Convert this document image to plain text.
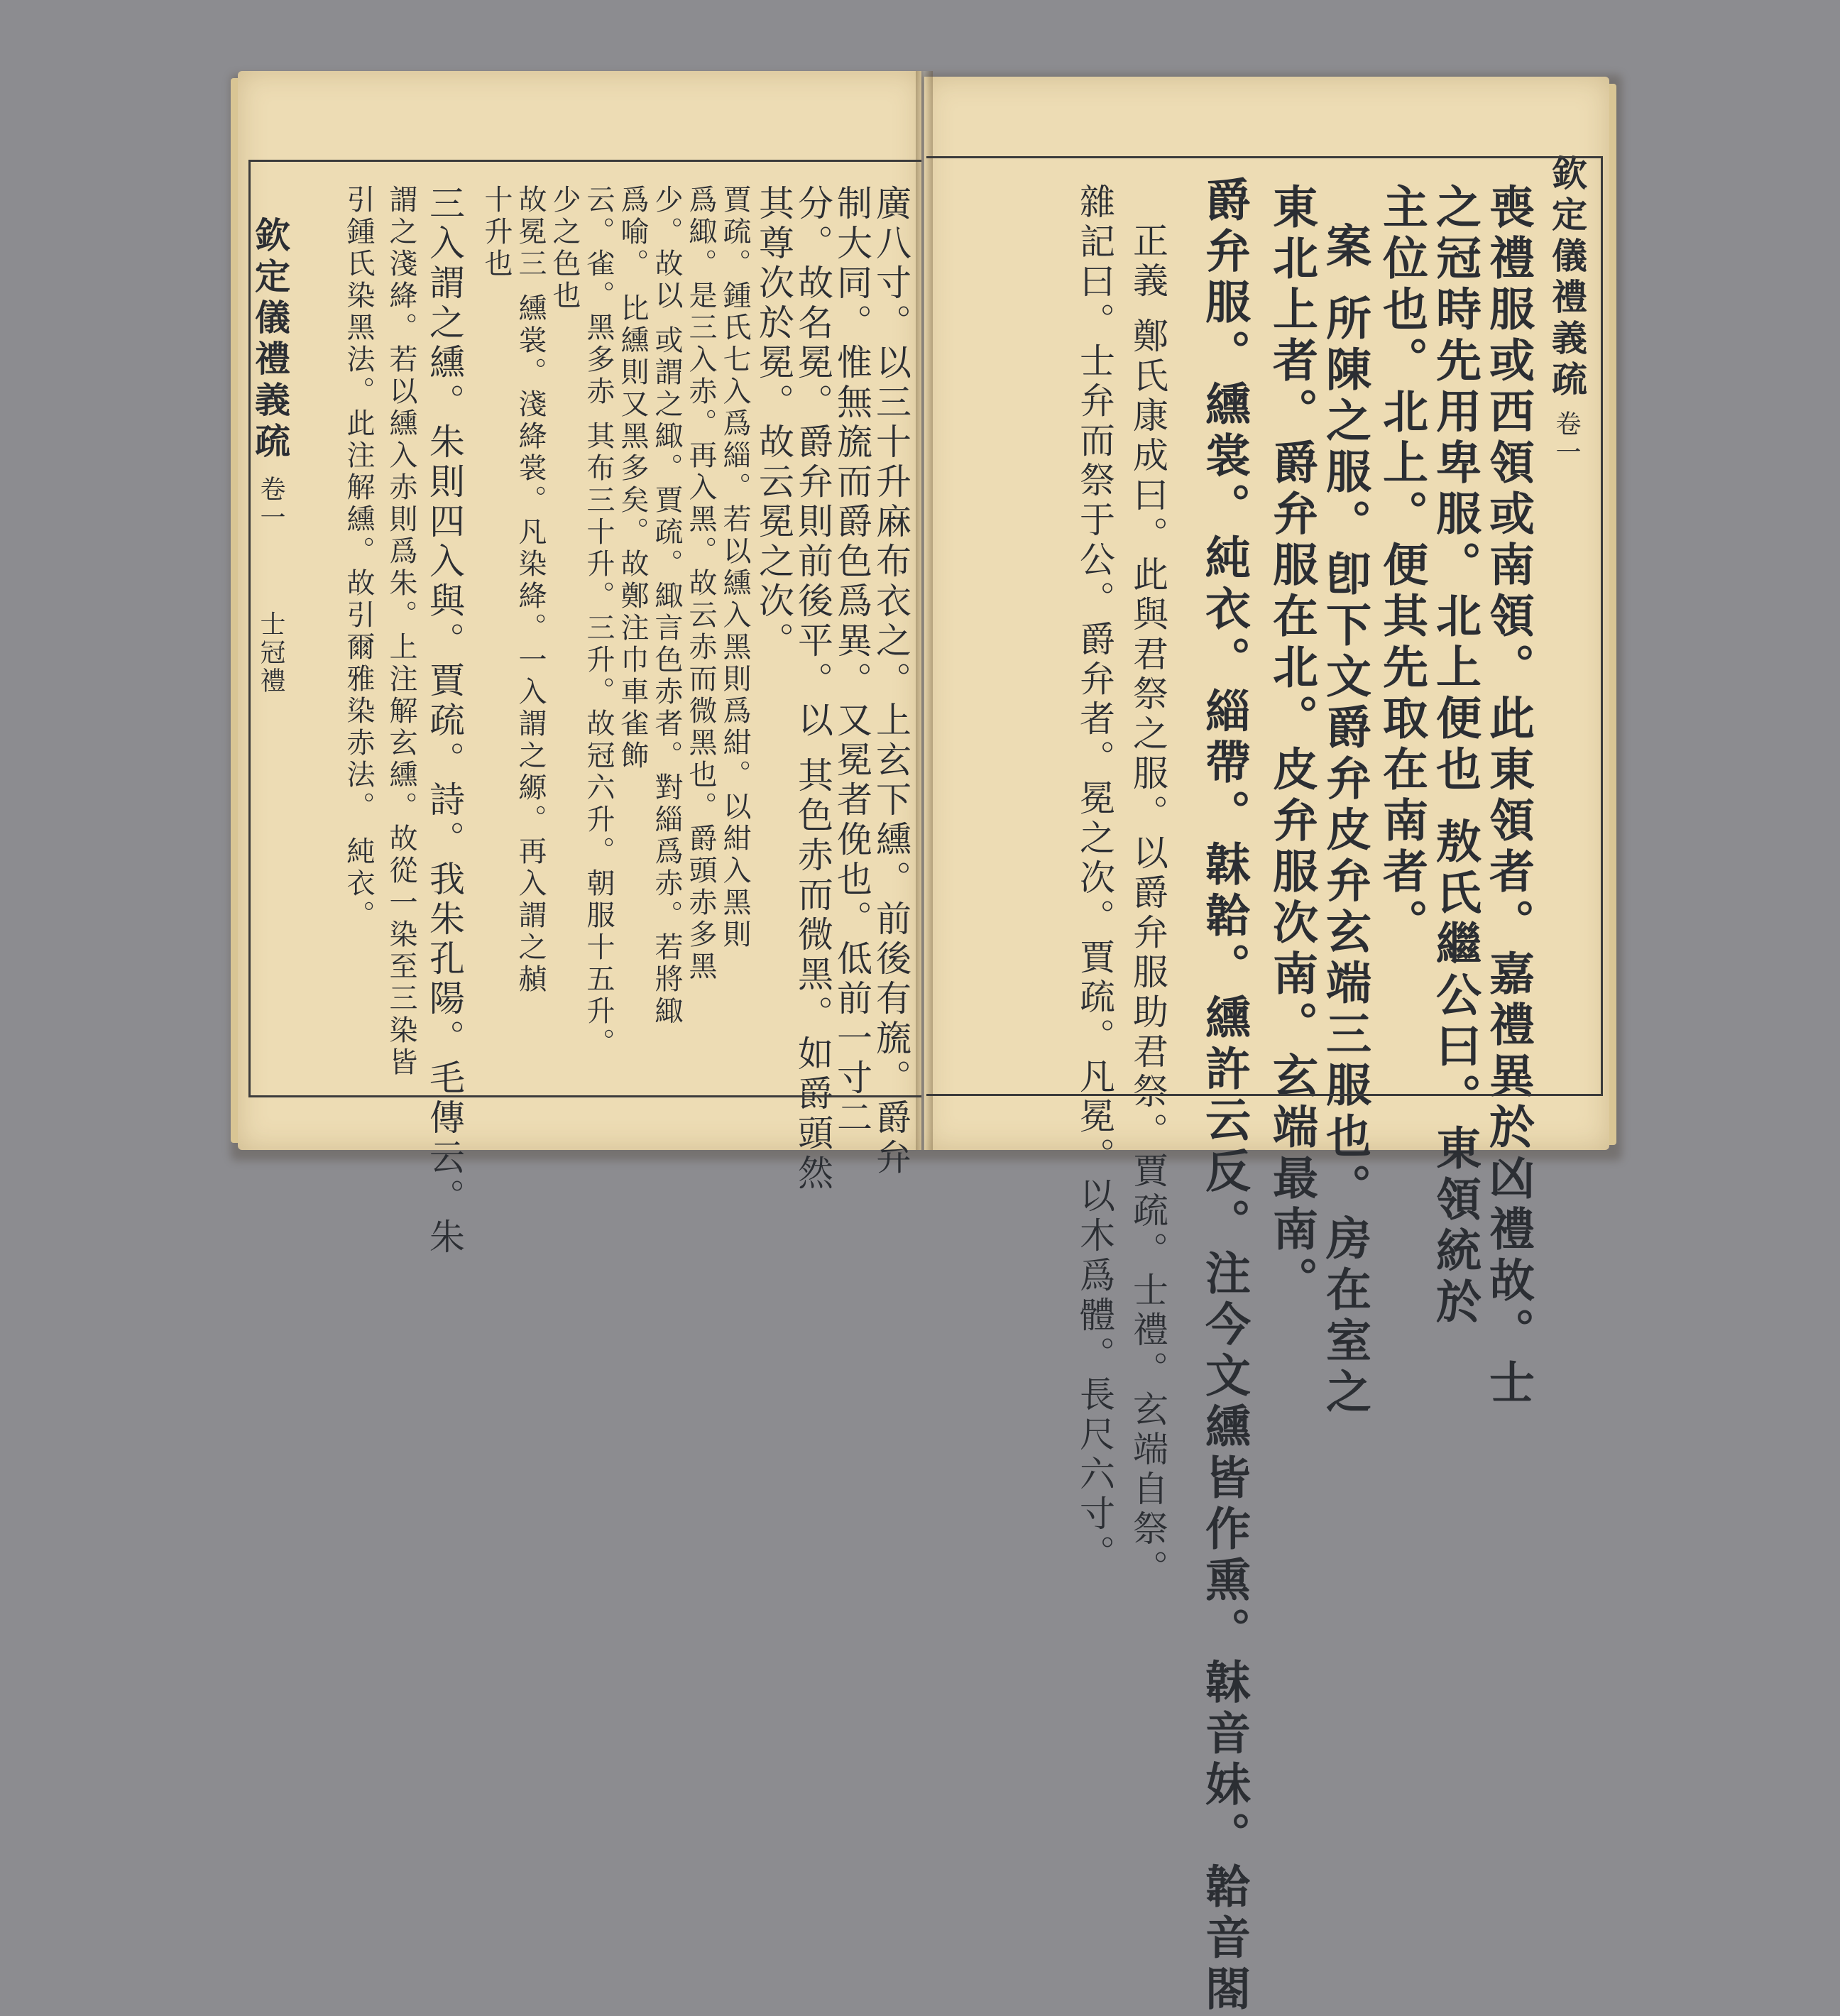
欽定儀禮義疏
卷一
士冠禮	廣八寸。以三十升麻布衣之。上玄下纁。前後有旒。爵弁
制大同。惟無旒而爵色爲異。又冕者俛也。低前一寸二
分。故名冕。爵弁則前後平。以 其色赤而微黑。如爵頭然
其尊次於冕。故云冕之次。
賈疏。鍾氏七入爲緇。若以纁入黑則爲紺。以紺入黑則
爲緅。是三入赤。再入黑。故云赤而微黑也。爵頭赤多黑
少。故以 或謂之緅。賈疏。緅言色赤者。對緇爲赤。若將緅
爲喻。 比纁則又黑多矣。故鄭注巾車雀飾
云。雀。黑多赤 其布三十升。三升。故冠六升。朝服十五升。
少之色也
故冕三 纁裳。淺絳裳。凡染絳。一入謂之縓。再入謂之赬
十升也
三入謂之纁。朱則四入與。賈疏。詩。我朱孔陽。毛傳云。朱
謂之淺絳。若以纁入赤則爲朱。上注解玄纁。故從一染至三染皆
引鍾氏染黑法。此注解纁。故引爾雅染赤法。 純衣。	欽定儀禮義疏
卷一
喪禮服或西領或南領。此東領者。嘉禮異於凶禮故。士
之冠時先用卑服。北上便也 敖氏繼公曰。東領統於
主位也。北上。便其先取在南者。
案 所陳之服。卽下文爵弁皮弁玄端三服也。房在室之
東北上者。爵弁服在北。皮弁服次南。玄端最南。
爵弁服。纁裳。純衣。緇帶。韎韐。纁許云反。注今文纁皆作熏。韎音妹。韐音閤
正義 鄭氏康成曰。此與君祭之服。以爵弁服助君祭。賈疏。士禮。玄端自祭。
雜記曰。士弁而祭于公。爵弁者。冕之次。賈疏。凡冕。以木爲體。長尺六寸。
